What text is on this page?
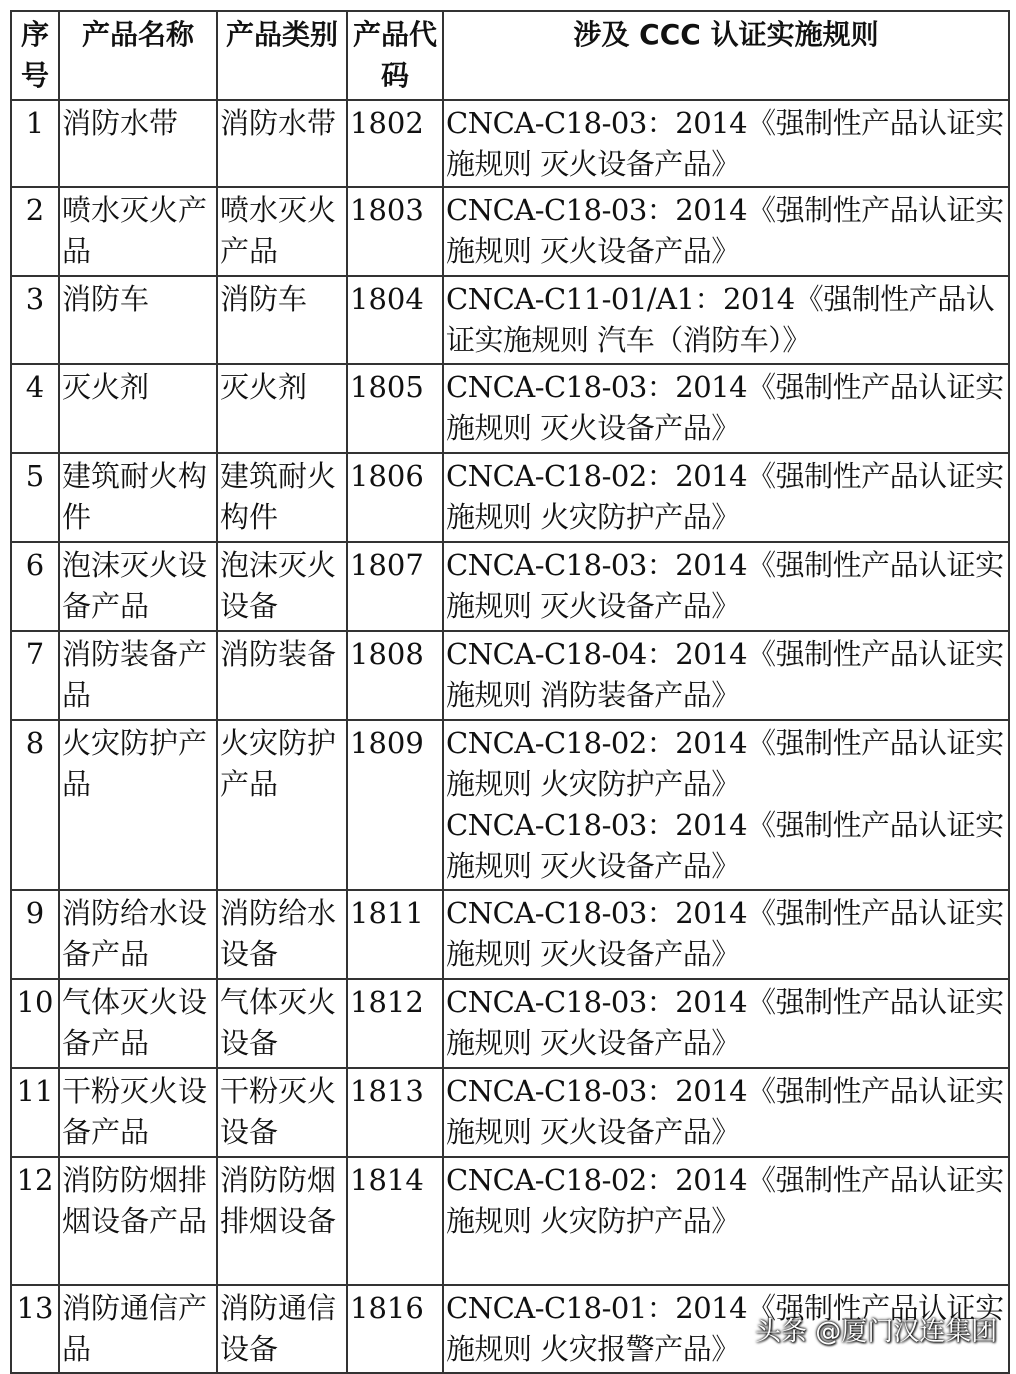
序号	产品名称	产品类别	产品代码	涉及 CCC 认证实施规则
1	消防水带	消防水带	1802	CNCA-C18-03：2014《强制性产品认证实施规则 灭火设备产品》

2	喷水灭火产品	喷水灭火产品	1803	CNCA-C18-03：2014《强制性产品认证实施规则 灭火设备产品》

3	消防车	消防车	1804	CNCA-C11-01/A1：2014《强制性产品认证实施规则 汽车（消防车）》

4	灭火剂	灭火剂	1805	CNCA-C18-03：2014《强制性产品认证实施规则 灭火设备产品》

5	建筑耐火构件	建筑耐火构件	1806	CNCA-C18-02：2014《强制性产品认证实施规则 火灾防护产品》

6	泡沫灭火设备产品	泡沫灭火设备	1807	CNCA-C18-03：2014《强制性产品认证实施规则 灭火设备产品》

7	消防装备产品	消防装备	1808	CNCA-C18-04：2014《强制性产品认证实施规则 消防装备产品》

8	火灾防护产品	火灾防护产品	1809	CNCA-C18-02：2014《强制性产品认证实施规则 火灾防护产品》
CNCA-C18-03：2014《强制性产品认证实施规则 灭火设备产品》

9	消防给水设备产品	消防给水设备	1811	CNCA-C18-03：2014《强制性产品认证实施规则 灭火设备产品》

10	气体灭火设备产品	气体灭火设备	1812	CNCA-C18-03：2014《强制性产品认证实施规则 灭火设备产品》

11	干粉灭火设备产品	干粉灭火设备	1813	CNCA-C18-03：2014《强制性产品认证实施规则 灭火设备产品》

12	消防防烟排烟设备产品	消防防烟排烟设备	1814	CNCA-C18-02：2014《强制性产品认证实施规则 火灾防护产品》

13	消防通信产品	消防通信设备	1816	CNCA-C18-01：2014《强制性产品认证实施规则 火灾报警产品》 头条 @厦门汉连集团
